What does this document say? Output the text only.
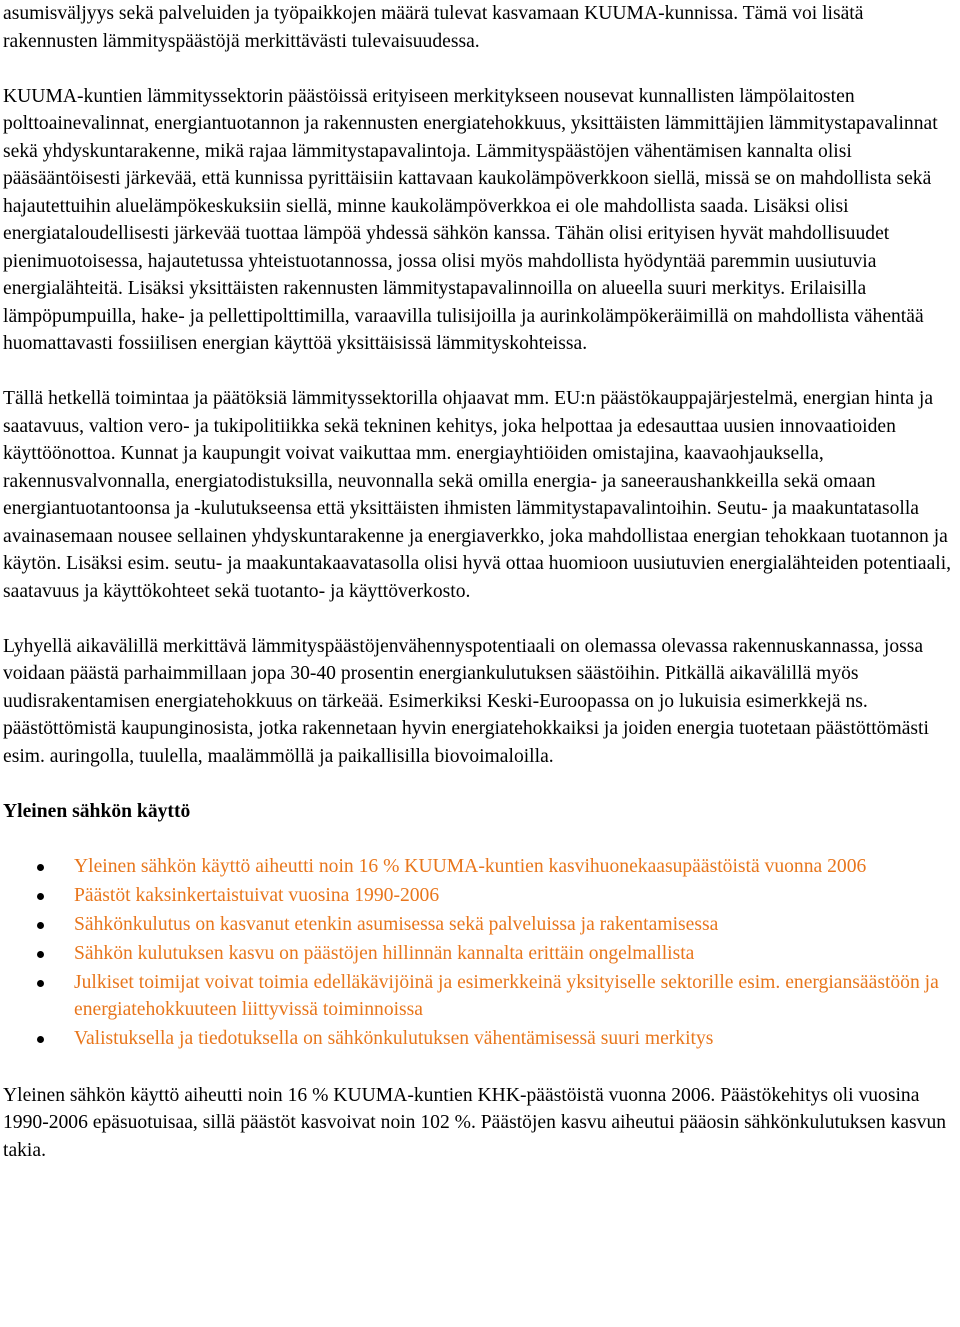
asumisväljyys sekä palveluiden ja työpaikkojen määrä tulevat kasvamaan KUUMA-kunnissa. Tämä voi lisätä rakennusten lämmityspäästöjä merkittävästi tulevaisuudessa.

KUUMA-kuntien lämmityssektorin päästöissä erityiseen merkitykseen nousevat kunnallisten lämpölaitosten polttoainevalinnat, energiantuotannon ja rakennusten energiatehokkuus, yksittäisten lämmittäjien lämmitystapavalinnat sekä yhdyskuntarakenne, mikä rajaa lämmitystapavalintoja. Lämmityspäästöjen vähentämisen kannalta olisi pääsääntöisesti järkevää, että kunnissa pyrittäisiin kattavaan kaukolämpöverkkoon siellä, missä se on mahdollista sekä hajautettuihin aluelämpökeskuksiin siellä, minne kaukolämpöverkkoa ei ole mahdollista saada. Lisäksi olisi energiataloudellisesti järkevää tuottaa lämpöä yhdessä sähkön kanssa. Tähän olisi erityisen hyvät mahdollisuudet pienimuotoisessa, hajautetussa yhteistuotannossa, jossa olisi myös mahdollista hyödyntää paremmin uusiutuvia energialähteitä. Lisäksi yksittäisten rakennusten lämmitystapavalinnoilla on alueella suuri merkitys. Erilaisilla lämpöpumpuilla, hake- ja pellettipolttimilla, varaavilla tulisijoilla ja aurinkolämpökeräimillä on mahdollista vähentää huomattavasti fossiilisen energian käyttöä yksittäisissä lämmityskohteissa.

Tällä hetkellä toimintaa ja päätöksiä lämmityssektorilla ohjaavat mm. EU:n päästökauppajärjestelmä, energian hinta ja saatavuus, valtion vero- ja tukipolitiikka sekä tekninen kehitys, joka helpottaa ja edesauttaa uusien innovaatioiden käyttöönottoa. Kunnat ja kaupungit voivat vaikuttaa mm. energiayhtiöiden omistajina, kaavaohjauksella, rakennusvalvonnalla, energiatodistuksilla, neuvonnalla sekä omilla energia- ja saneeraushankkeilla sekä omaan energiantuotantoonsa ja -kulutukseensa että yksittäisten ihmisten lämmitystapavalintoihin. Seutu- ja maakuntatasolla avainasemaan nousee sellainen yhdyskuntarakenne ja energiaverkko, joka mahdollistaa energian tehokkaan tuotannon ja käytön. Lisäksi esim. seutu- ja maakuntakaavatasolla olisi hyvä ottaa huomioon uusiutuvien energialähteiden potentiaali, saatavuus ja käyttökohteet sekä tuotanto- ja käyttöverkosto.

Lyhyellä aikavälillä merkittävä lämmityspäästöjenvähennyspotentiaali on olemassa olevassa rakennuskannassa, jossa voidaan päästä parhaimmillaan jopa 30-40 prosentin energiankulutuksen säästöihin. Pitkällä aikavälillä myös uudisrakentamisen energiatehokkuus on tärkeää. Esimerkiksi Keski-Euroopassa on jo lukuisia esimerkkejä ns. päästöttömistä kaupunginosista, jotka rakennetaan hyvin energiatehokkaiksi ja joiden energia tuotetaan päästöttömästi esim. auringolla, tuulella, maalämmöllä ja paikallisilla biovoimaloilla.

Yleinen sähkön käyttö

Yleinen sähkön käyttö aiheutti noin 16 % KUUMA-kuntien kasvihuonekaasupäästöistä vuonna 2006
Päästöt kaksinkertaistuivat vuosina 1990-2006
Sähkönkulutus on kasvanut etenkin asumisessa sekä palveluissa ja rakentamisessa
Sähkön kulutuksen kasvu on päästöjen hillinnän kannalta erittäin ongelmallista
Julkiset toimijat voivat toimia edelläkävijöinä ja esimerkkeinä yksityiselle sektorille esim. energiansäästöön ja energiatehokkuuteen liittyvissä toiminnoissa
Valistuksella ja tiedotuksella on sähkönkulutuksen vähentämisessä suuri merkitys

Yleinen sähkön käyttö aiheutti noin 16 % KUUMA-kuntien KHK-päästöistä vuonna 2006. Päästökehitys oli vuosina 1990-2006 epäsuotuisaa, sillä päästöt kasvoivat noin 102 %. Päästöjen kasvu aiheutui pääosin sähkönkulutuksen kasvun takia.
